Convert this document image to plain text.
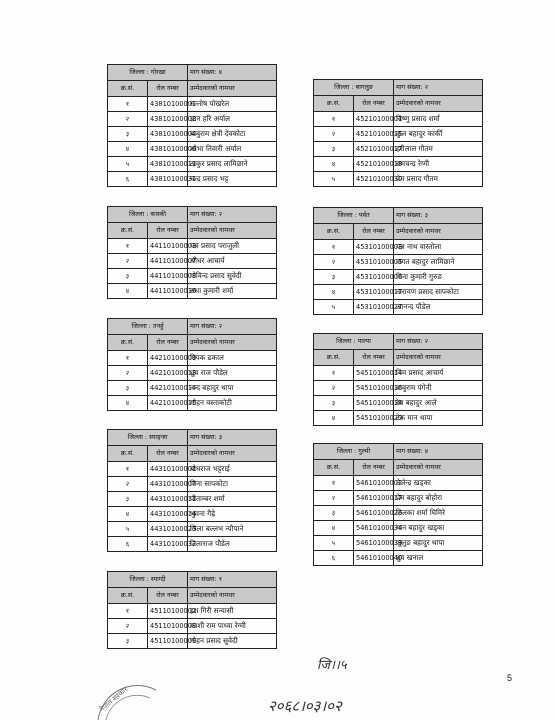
जिल्ला : गोरखा		माग संख्या: ४
क्र.सं.	रोल नम्बर	उम्मेदवारको नामथर
१	43810100001	सन्तोष पोखरेल
२	43810100002	ज्ञान हरि अर्याल
३	43810100004	बाबुराम क्षेत्री देवकोटा
४	43810100006	शोभा तिवारी अर्याल
५	43810100011	ठाकुर प्रसाद लामिछाने
६	43810100031	चन्द्र प्रसाद भट्ट
जिल्ला : कास्की		माग संख्या: २
क्र.सं.	रोल नम्बर	उम्मेदवारको नामथर
१	44110100003	यज्ञ प्रसाद पराजुली
२	44110100007	श्रीधर आचार्य
३	44110100008	गोविन्द प्रसाद सुवेदी
४	44110100016	राधा कुमारी शर्मा
जिल्ला : तनहुँ		माग संख्या: २
क्र.सं.	रोल नम्बर	उम्मेदवारको नामथर
१	44210100009	दिपक ढकाल
२	44210100013	ध्रुव राज पौडेल
३	44210100014	नन्द बहादुर थापा
४	44210100015	मोहन वस्ताकोटी
जिल्ला : स्याङ्जा		माग संख्या: ३
क्र.सं.	रोल नम्बर	उम्मेदवारको नामथर
१	44310100001	बोधराज भट्टराई
२	44310100007	मिना सापकोटा
३	44310100011	पीताम्बर शर्मा
४	44310100014	भुवना गैह्रे
५	44310100025	लिला बल्लभ न्यौपाने
६	44310100032	तिलाराज पौडेल
जिल्ला : स्याग्दी		माग संख्या: १
क्र.सं.	रोल नम्बर	उम्मेदवारको नामथर
१	45110100002	इश गिरी सन्यासी
२	45110100008	काशी राम पाध्या रेग्मी
३	45110100009	मोहन प्रसाद सुवेदी
जिल्ला : बागलुङ		माग संख्या: २
क्र.सं.	रोल नम्बर	उम्मेदवारको नामथर
१	45210100001	विष्णु प्रसाद शर्मा
२	45210100015	कुल बहादुर कार्की
३	45210100017	हरीलाल गौतम
४	45210100018	रामचन्द्र रेग्मी
५	45210100030	प्रेम प्रसाद गौतम
जिल्ला : पर्वत		माग संख्या: ३
क्र.सं.	रोल नम्बर	उम्मेदवारको नामथर
१	45310100003	यज्ञ नाथ वास्तोला
२	45310100005	जगत बहादुर लामिछाने
३	45310100006	मिना कुमारी गुरुङ
४	45310100017	नारायण प्रसाद सापकोटा
५	45310100027	आनन्द पौडेल
जिल्ला : पाल्पा		माग संख्या: २
क्र.सं.	रोल नम्बर	उम्मेदवारको नामथर
१	54510100014	निम प्रसाद आचार्य
२	54510100016	बाबुराम पंगेनी
३	54510100018	रेम बहादुर आले
४	54510100020	टेक मान थापा
जिल्ला : गुल्मी		माग संख्या: ४
क्र.सं.	रोल नम्बर	उम्मेदवारको नामथर
१	54610100002	तेजेन्द्र खड्का
२	54610100017	प्रेम बहादुर बोहोरा
३	54610100026	तिलका शर्मा घिमिरे
४	54610100034	मान बहादुर खड्का
५	54610100039	जुलुङ बहादुर थापा
६	54610100040	ध्रुव खनाल
5
जि।।५
२०६८।०३।०२
नेपाल सरकार
